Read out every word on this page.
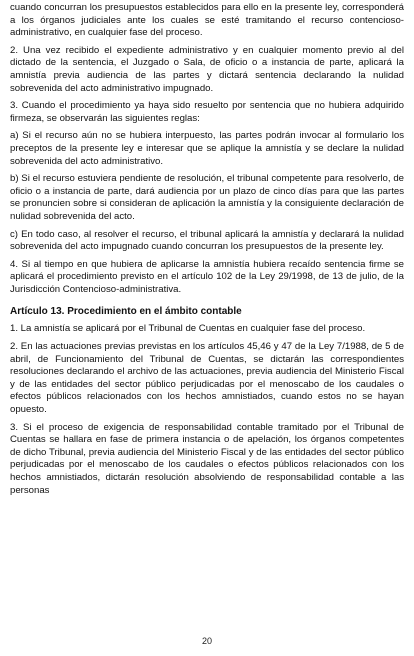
cuando concurran los presupuestos establecidos para ello en la presente ley, corresponderá a los órganos judiciales ante los cuales se esté tramitando el recurso contencioso-administrativo, en cualquier fase del proceso.

2. Una vez recibido el expediente administrativo y en cualquier momento previo al del dictado de la sentencia, el Juzgado o Sala, de oficio o a instancia de parte, aplicará la amnistía previa audiencia de las partes y dictará sentencia declarando la nulidad sobrevenida del acto administrativo impugnado.

3. Cuando el procedimiento ya haya sido resuelto por sentencia que no hubiera adquirido firmeza, se observarán las siguientes reglas:

a) Si el recurso aún no se hubiera interpuesto, las partes podrán invocar al formulario los preceptos de la presente ley e interesar que se aplique la amnistía y se declare la nulidad sobrevenida del acto administrativo.

b) Si el recurso estuviera pendiente de resolución, el tribunal competente para resolverlo, de oficio o a instancia de parte, dará audiencia por un plazo de cinco días para que las partes se pronuncien sobre si consideran de aplicación la amnistía y la consiguiente declaración de nulidad sobrevenida del acto.

c) En todo caso, al resolver el recurso, el tribunal aplicará la amnistía y declarará la nulidad sobrevenida del acto impugnado cuando concurran los presupuestos de la presente ley.

4. Si al tiempo en que hubiera de aplicarse la amnistía hubiera recaído sentencia firme se aplicará el procedimiento previsto en el artículo 102 de la Ley 29/1998, de 13 de julio, de la Jurisdicción Contencioso-administrativa.

Artículo 13. Procedimiento en el ámbito contable

1. La amnistía se aplicará por el Tribunal de Cuentas en cualquier fase del proceso.

2. En las actuaciones previas previstas en los artículos 45,46 y 47 de la Ley 7/1988, de 5 de abril, de Funcionamiento del Tribunal de Cuentas, se dictarán las correspondientes resoluciones declarando el archivo de las actuaciones, previa audiencia del Ministerio Fiscal y de las entidades del sector público perjudicadas por el menoscabo de los caudales o efectos públicos relacionados con los hechos amnistiados, cuando estos no se hayan opuesto.

3. Si el proceso de exigencia de responsabilidad contable tramitado por el Tribunal de Cuentas se hallara en fase de primera instancia o de apelación, los órganos competentes de dicho Tribunal, previa audiencia del Ministerio Fiscal y de las entidades del sector público perjudicadas por el menoscabo de los caudales o efectos públicos relacionados con los hechos amnistiados, dictarán resolución absolviendo de responsabilidad contable a las personas

20
